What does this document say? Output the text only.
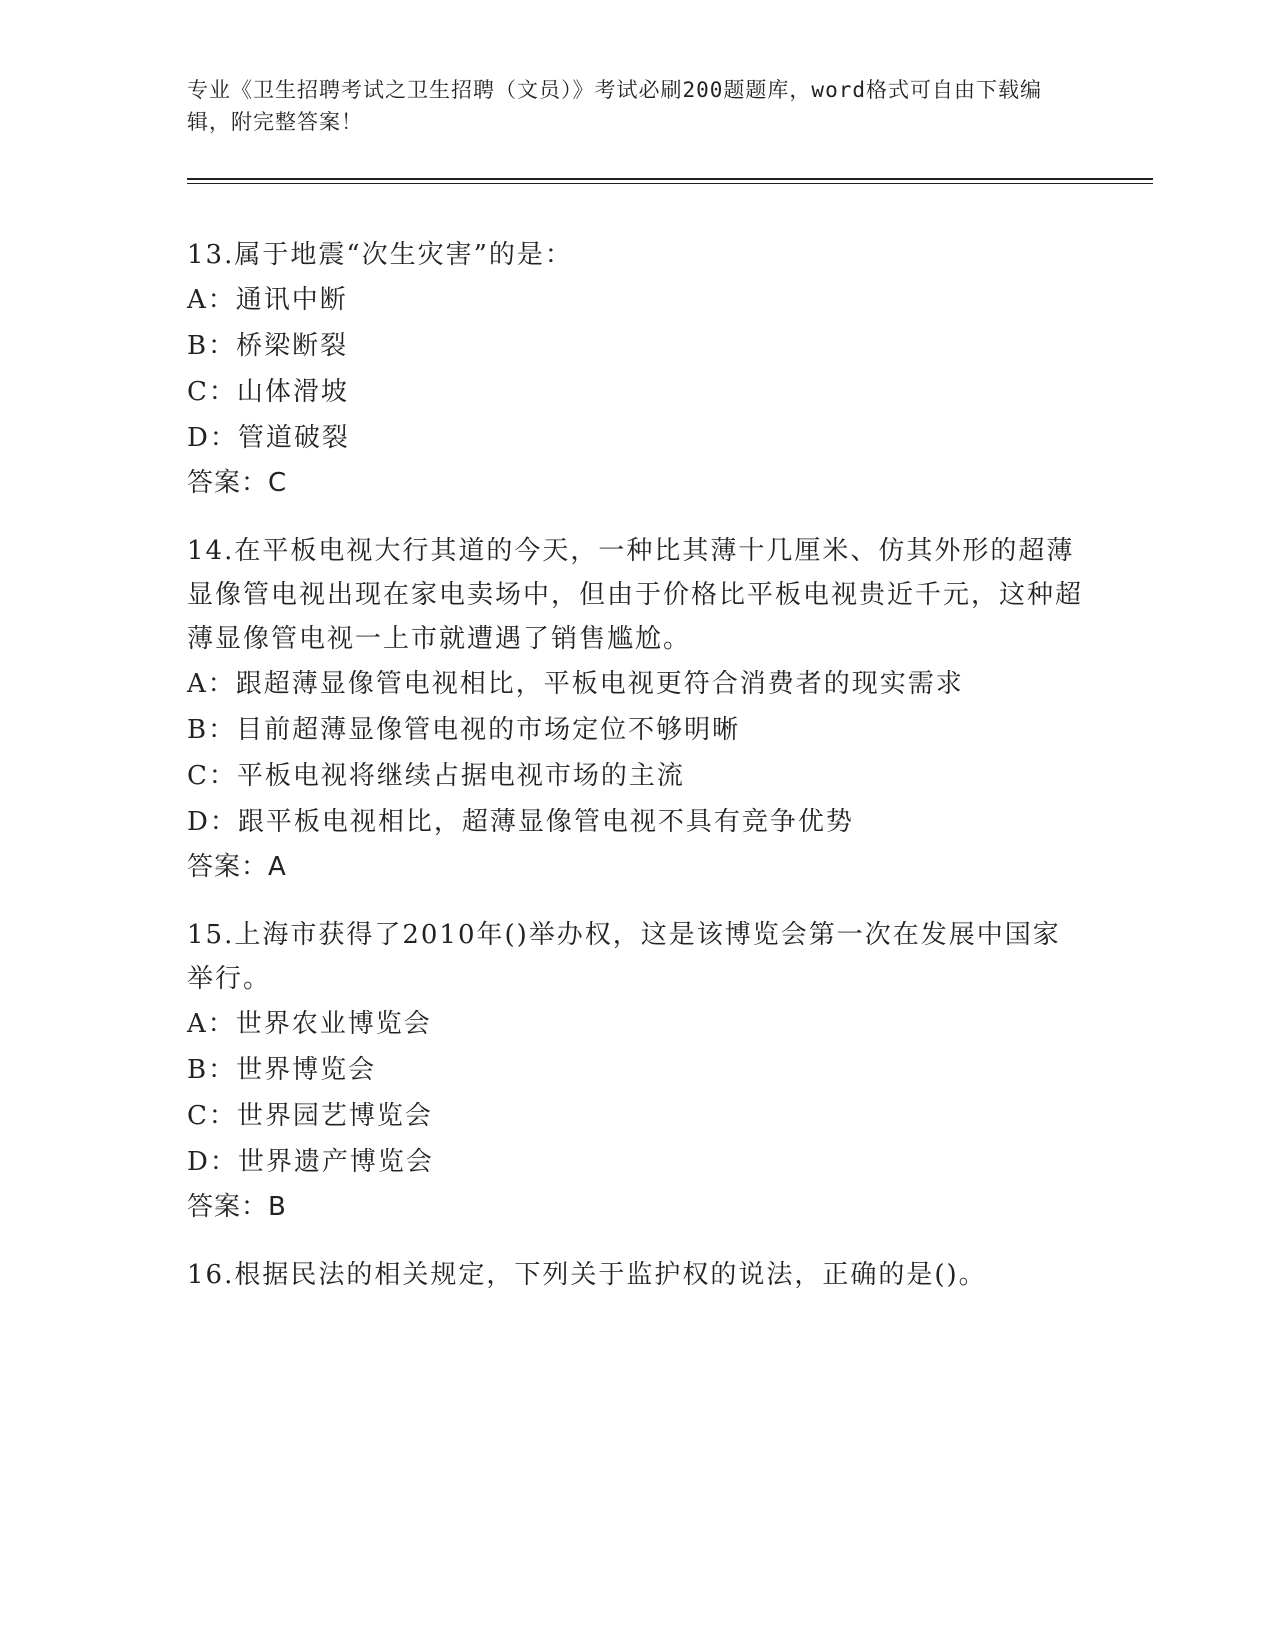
专业《卫生招聘考试之卫生招聘（文员）》考试必刷200题题库，word格式可自由下载编辑，附完整答案！
13.属于地震“次生灾害”的是：
A：通讯中断
B：桥梁断裂
C：山体滑坡
D：管道破裂
答案：C
14.在平板电视大行其道的今天，一种比其薄十几厘米、仿其外形的超薄显像管电视出现在家电卖场中，但由于价格比平板电视贵近千元，这种超薄显像管电视一上市就遭遇了销售尴尬。
A：跟超薄显像管电视相比，平板电视更符合消费者的现实需求
B：目前超薄显像管电视的市场定位不够明晰
C：平板电视将继续占据电视市场的主流
D：跟平板电视相比，超薄显像管电视不具有竞争优势
答案：A
15.上海市获得了2010年()举办权，这是该博览会第一次在发展中国家举行。
A：世界农业博览会
B：世界博览会
C：世界园艺博览会
D：世界遗产博览会
答案：B
16.根据民法的相关规定，下列关于监护权的说法，正确的是()。
